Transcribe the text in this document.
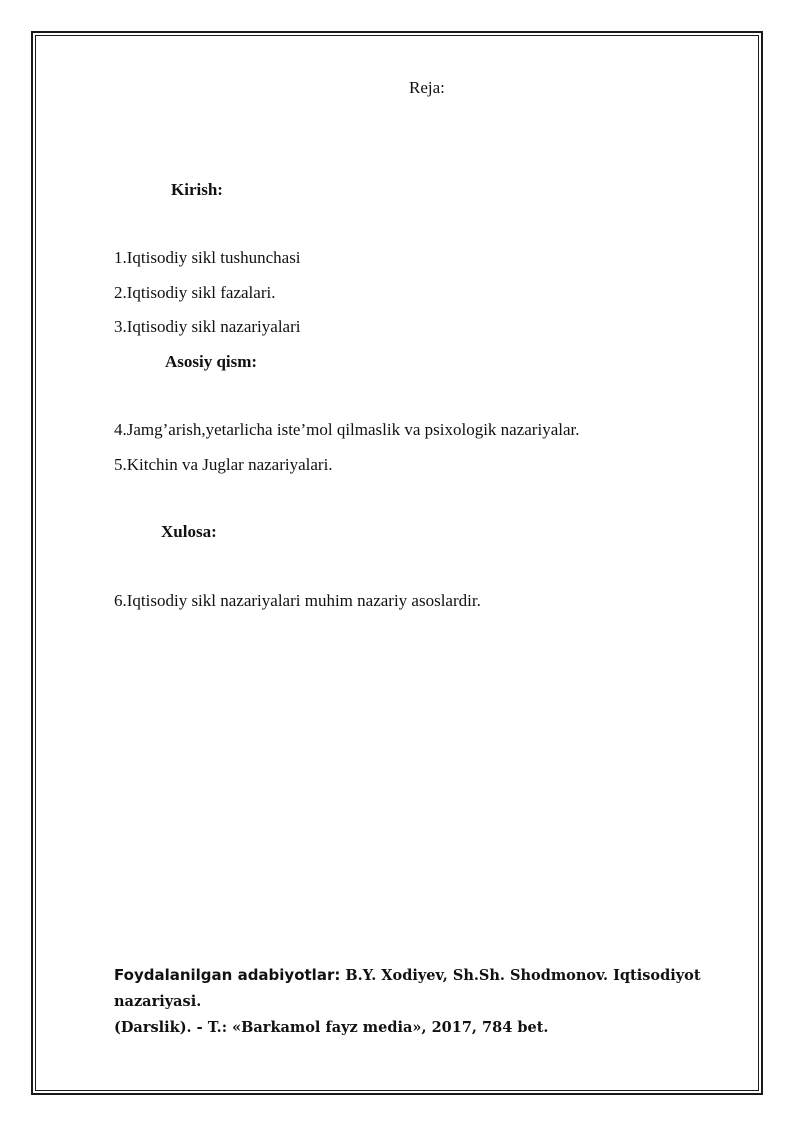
Reja:
Kirish:
1.Iqtisodiy sikl tushunchasi
2.Iqtisodiy sikl fazalari.
3.Iqtisodiy sikl nazariyalari
Asosiy qism:
4.Jamg’arish,yetarlicha iste’mol qilmaslik va psixologik nazariyalar.
5.Kitchin va Juglar nazariyalari.
Xulosa:
6.Iqtisodiy sikl nazariyalari muhim nazariy asoslardir.
Foydalanilgan adabiyotlar: B.Y. Xodiyev, Sh.Sh. Shodmonov. Iqtisodiyot nazariyasi.
(Darslik). - T.: «Barkamol fayz media», 2017, 784 bet.
